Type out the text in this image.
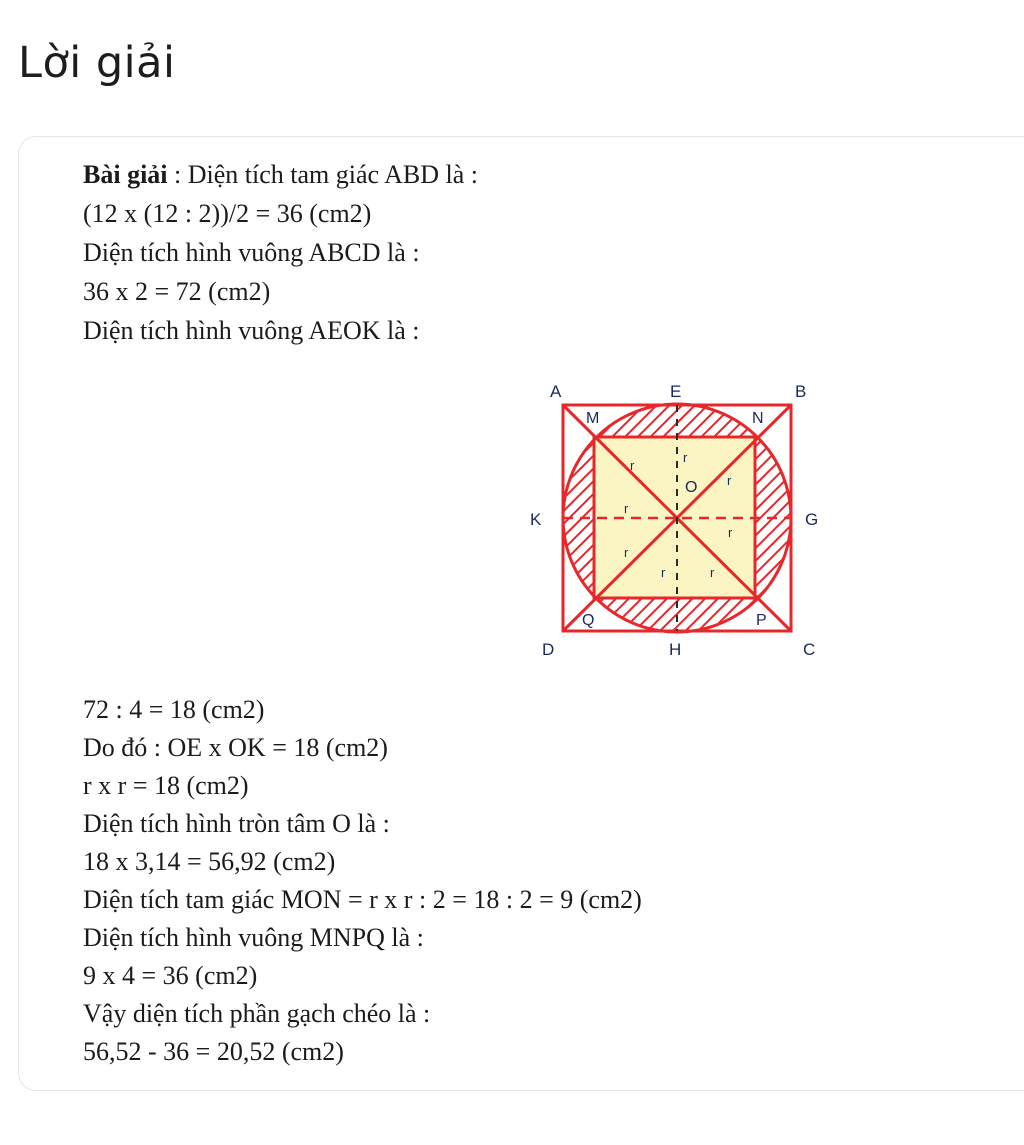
Lời giải
Bài giải : Diện tích tam giác ABD là :
(12 x (12 : 2))/2 = 36 (cm2)
Diện tích hình vuông ABCD là :
36 x 2 = 72 (cm2)
Diện tích hình vuông AEOK là :
A	E	B
G
C
H
D
K
M	N
P
Q
O
r
r
r
r
r
r
r	r
72 : 4 = 18 (cm2)
Do đó : OE x OK = 18 (cm2)
r x r = 18 (cm2)
Diện tích hình tròn tâm O là :
18 x 3,14 = 56,92 (cm2)
Diện tích tam giác MON = r x r : 2 = 18 : 2 = 9 (cm2)
Diện tích hình vuông MNPQ là :
9 x 4 = 36 (cm2)
Vậy diện tích phần gạch chéo là :
56,52 - 36 = 20,52 (cm2)
